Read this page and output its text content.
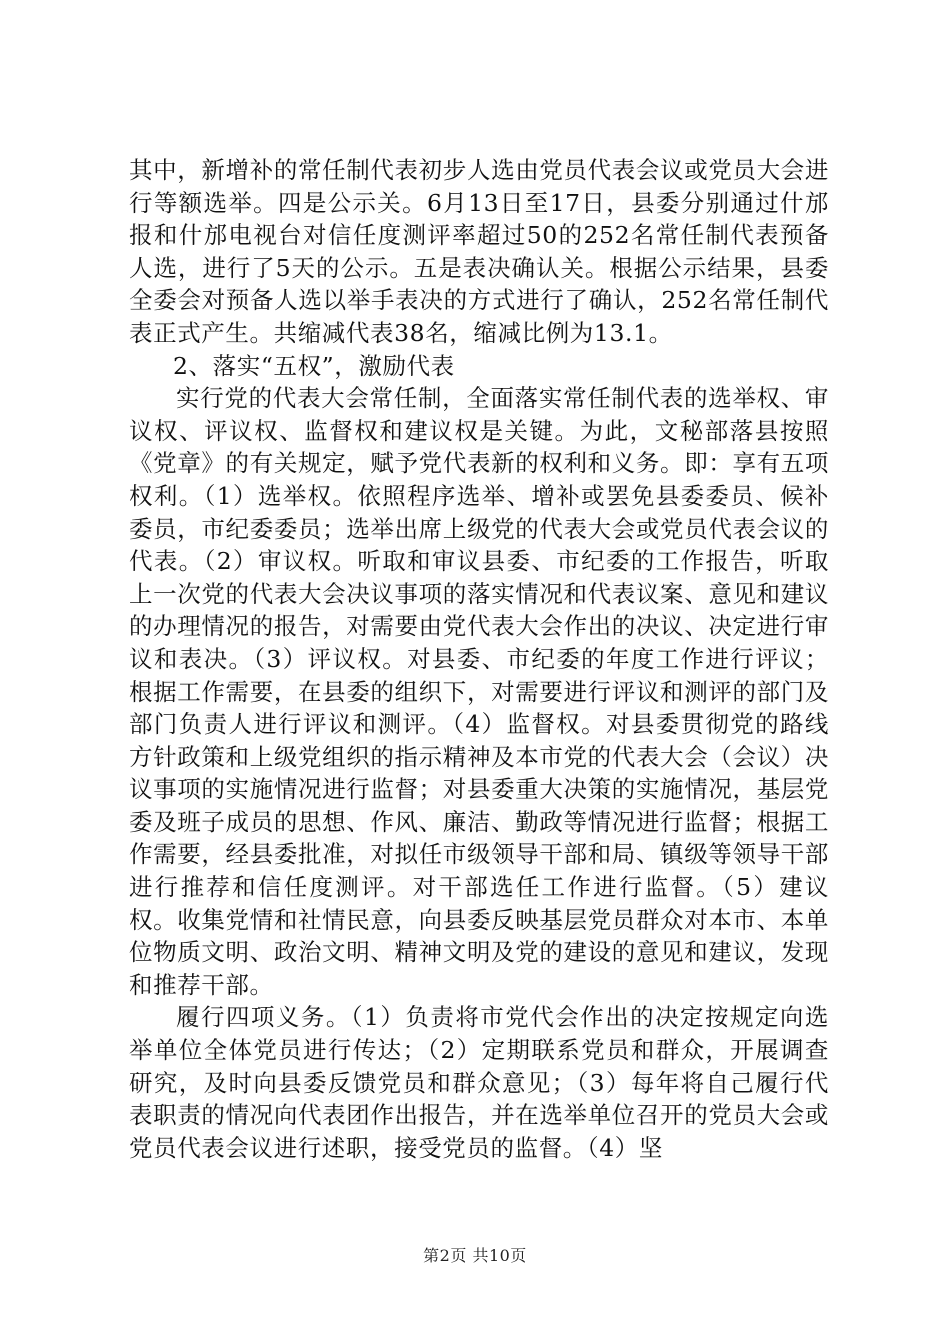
其中，新增补的常任制代表初步人选由党员代表会议或党员大会进行等额选举。四是公示关。6月13日至17日，县委分别通过什邡报和什邡电视台对信任度测评率超过50的252名常任制代表预备人选，进行了5天的公示。五是表决确认关。根据公示结果，县委全委会对预备人选以举手表决的方式进行了确认，252名常任制代表正式产生。共缩减代表38名，缩减比例为13.1。

2、落实“五权”，激励代表

实行党的代表大会常任制，全面落实常任制代表的选举权、审议权、评议权、监督权和建议权是关键。为此，文秘部落县按照《党章》的有关规定，赋予党代表新的权利和义务。即：享有五项权利。（1）选举权。依照程序选举、增补或罢免县委委员、候补委员，市纪委委员；选举出席上级党的代表大会或党员代表会议的代表。（2）审议权。听取和审议县委、市纪委的工作报告，听取上一次党的代表大会决议事项的落实情况和代表议案、意见和建议的办理情况的报告，对需要由党代表大会作出的决议、决定进行审议和表决。（3）评议权。对县委、市纪委的年度工作进行评议；根据工作需要，在县委的组织下，对需要进行评议和测评的部门及部门负责人进行评议和测评。（4）监督权。对县委贯彻党的路线方针政策和上级党组织的指示精神及本市党的代表大会（会议）决议事项的实施情况进行监督；对县委重大决策的实施情况，基层党委及班子成员的思想、作风、廉洁、勤政等情况进行监督；根据工作需要，经县委批准，对拟任市级领导干部和局、镇级等领导干部进行推荐和信任度测评。对干部选任工作进行监督。（5）建议权。收集党情和社情民意，向县委反映基层党员群众对本市、本单位物质文明、政治文明、精神文明及党的建设的意见和建议，发现和推荐干部。

履行四项义务。（1）负责将市党代会作出的决定按规定向选举单位全体党员进行传达；（2）定期联系党员和群众，开展调查研究，及时向县委反馈党员和群众意见；（3）每年将自己履行代表职责的情况向代表团作出报告，并在选举单位召开的党员大会或党员代表会议进行述职，接受党员的监督。（4）坚

第2页 共10页
